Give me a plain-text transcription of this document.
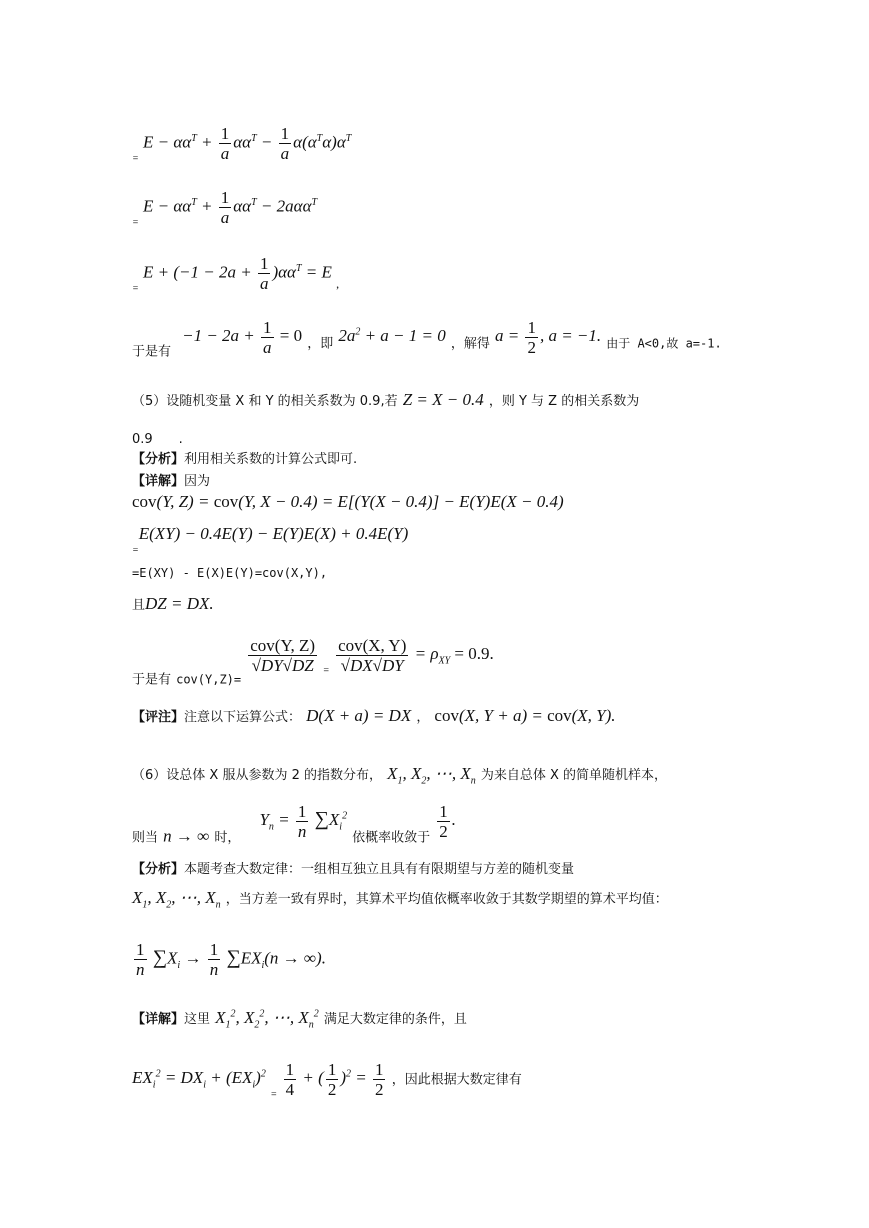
$_=$ $E - \alpha\alpha^T + \frac{1}{a} \alpha\alpha^T - \frac{1}{a} \alpha(\alpha^T\alpha)\alpha^T$
$_=$ $E - \alpha\alpha^T + \frac{1}{a} \alpha\alpha^T - 2a\alpha\alpha^T$
$_=$ $E + (-1 - 2a + \frac{1}{a} )\alpha\alpha^T = E$ $_,$
$_{于是有} -1 - 2a + \frac{1}{a} = 0$ $_{,即}$ $2a^2 + a - 1 = 0$ $_{,解得}$ $a = \frac{1}{2}$ , a = −1. $_{由于 A<0,故 a=-1.}$
（5）设随机变量 X 和 Y 的相关系数为 0.9,若 Z = X − 0.4 ，则 Y 与 Z 的相关系数为
0.9　　.
【分析】利用相关系数的计算公式即可.
【详解】因为
cov(Y, Z) = cov(Y, X − 0.4) = E[(Y(X − 0.4)] − E(Y)E(X − 0.4)
$_=$E(XY) − 0.4E(Y) − E(Y)E(X) + 0.4E(Y)
=E(XY) - E(X)E(Y)=cov(X,Y),
且DZ = DX.
$_{于是有}$ $_{cov(Y,Z)=}$
$\frac{\text{cov(Y, Z)}}{√DY√DZ} _= \frac{\text{cov(X, Y)}}{√DX√DY} = \rho_{XY} = 0.9$.
【评注】注意以下运算公式： D(X + a) = DX ， cov(X, Y + a) = cov(X, Y).
（6）设总体 X 服从参数为 2 的指数分布， $X_1$, $X_2$, ⋯, $X_n$ 为来自总体 X 的简单随机样本，
$_{则当}$ n → ∞ $_{时,}$ $Y_n = \frac{1}{n} \sum X_i^2$ $_{依概率收敛于} \frac{1}{2}$ .
【分析】本题考查大数定律：一组相互独立且具有有限期望与方差的随机变量
$X_1$, $X_2$, ⋯, $X_n$ ，当方差一致有界时，其算术平均值依概率收敛于其数学期望的算术平均值：
$\frac{1}{n} \sum X_i \to \frac{1}{n} \sum EX_i(n$ → ∞).
【详解】这里 $X_1^2$, $X_2^2$, ⋯, $X_n^2$ 满足大数定律的条件，且
$EX_i^2 = DX_i + (EX_i)^2$ $_= \frac{1}{4}$ + ( $\frac{1}{2} )^2 = \frac{1}{2}$ ，因此根据大数定律有
